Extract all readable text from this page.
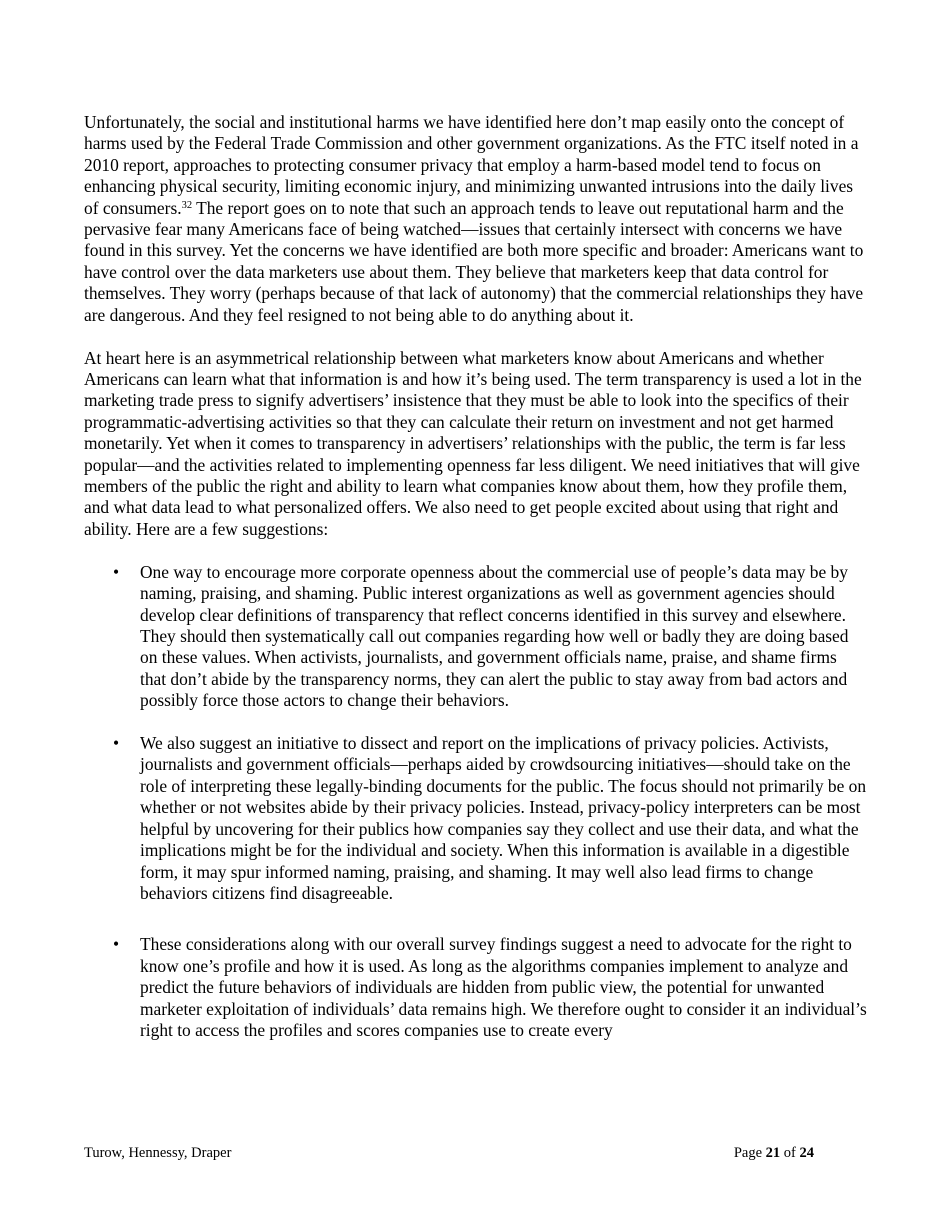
Unfortunately, the social and institutional harms we have identified here don’t map easily onto the concept of harms used by the Federal Trade Commission and other government organizations. As the FTC itself noted in a 2010 report, approaches to protecting consumer privacy that employ a harm-based model tend to focus on enhancing physical security, limiting economic injury, and minimizing unwanted intrusions into the daily lives of consumers.$^{32}$ The report goes on to note that such an approach tends to leave out reputational harm and the pervasive fear many Americans face of being watched—issues that certainly intersect with concerns we have found in this survey. Yet the concerns we have identified are both more specific and broader: Americans want to have control over the data marketers use about them. They believe that marketers keep that data control for themselves. They worry (perhaps because of that lack of autonomy) that the commercial relationships they have are dangerous. And they feel resigned to not being able to do anything about it.

At heart here is an asymmetrical relationship between what marketers know about Americans and whether Americans can learn what that information is and how it’s being used. The term transparency is used a lot in the marketing trade press to signify advertisers’ insistence that they must be able to look into the specifics of their programmatic-advertising activities so that they can calculate their return on investment and not get harmed monetarily. Yet when it comes to transparency in advertisers’ relationships with the public, the term is far less popular—and the activities related to implementing openness far less diligent. We need initiatives that will give members of the public the right and ability to learn what companies know about them, how they profile them, and what data lead to what personalized offers. We also need to get people excited about using that right and ability. Here are a few suggestions:

• One way to encourage more corporate openness about the commercial use of people’s data may be by naming, praising, and shaming. Public interest organizations as well as government agencies should develop clear definitions of transparency that reflect concerns identified in this survey and elsewhere. They should then systematically call out companies regarding how well or badly they are doing based on these values. When activists, journalists, and government officials name, praise, and shame firms that don’t abide by the transparency norms, they can alert the public to stay away from bad actors and possibly force those actors to change their behaviors.
• We also suggest an initiative to dissect and report on the implications of privacy policies. Activists, journalists and government officials—perhaps aided by crowdsourcing initiatives—should take on the role of interpreting these legally-binding documents for the public. The focus should not primarily be on whether or not websites abide by their privacy policies. Instead, privacy-policy interpreters can be most helpful by uncovering for their publics how companies say they collect and use their data, and what the implications might be for the individual and society. When this information is available in a digestible form, it may spur informed naming, praising, and shaming. It may well also lead firms to change behaviors citizens find disagreeable.
• These considerations along with our overall survey findings suggest a need to advocate for the right to know one’s profile and how it is used. As long as the algorithms companies implement to analyze and predict the future behaviors of individuals are hidden from public view, the potential for unwanted marketer exploitation of individuals’ data remains high. We therefore ought to consider it an individual’s right to access the profiles and scores companies use to create every
Turow, Hennessy, Draper	Page 21 of 24
